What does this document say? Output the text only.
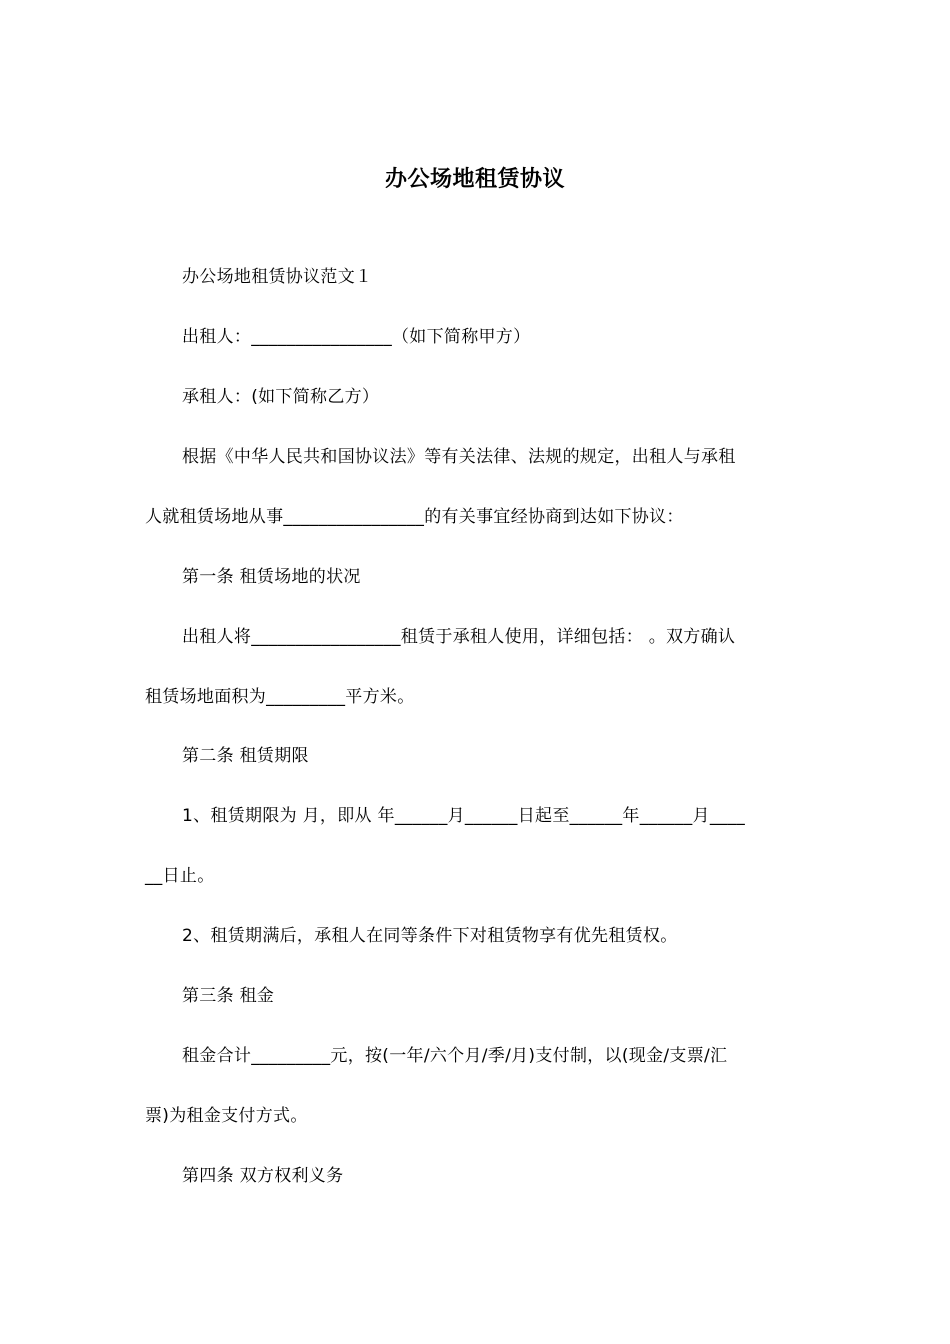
办公场地租赁协议
办公场地租赁协议范文１
出租人：________________（如下简称甲方）
承租人：(如下简称乙方）
根据《中华人民共和国协议法》等有关法律、法规的规定，出租人与承租
人就租赁场地从事________________的有关事宜经协商到达如下协议：
第一条 租赁场地的状况
出租人将_________________租赁于承租人使用，详细包括： 。双方确认
租赁场地面积为_________平方米。
第二条 租赁期限
1、租赁期限为 月，即从 年______月______日起至______年______月____
__日止。
2、租赁期满后，承租人在同等条件下对租赁物享有优先租赁权。
第三条 租金
租金合计_________元，按(一年/六个月/季/月)支付制，以(现金/支票/汇
票)为租金支付方式。
第四条 双方权利义务
